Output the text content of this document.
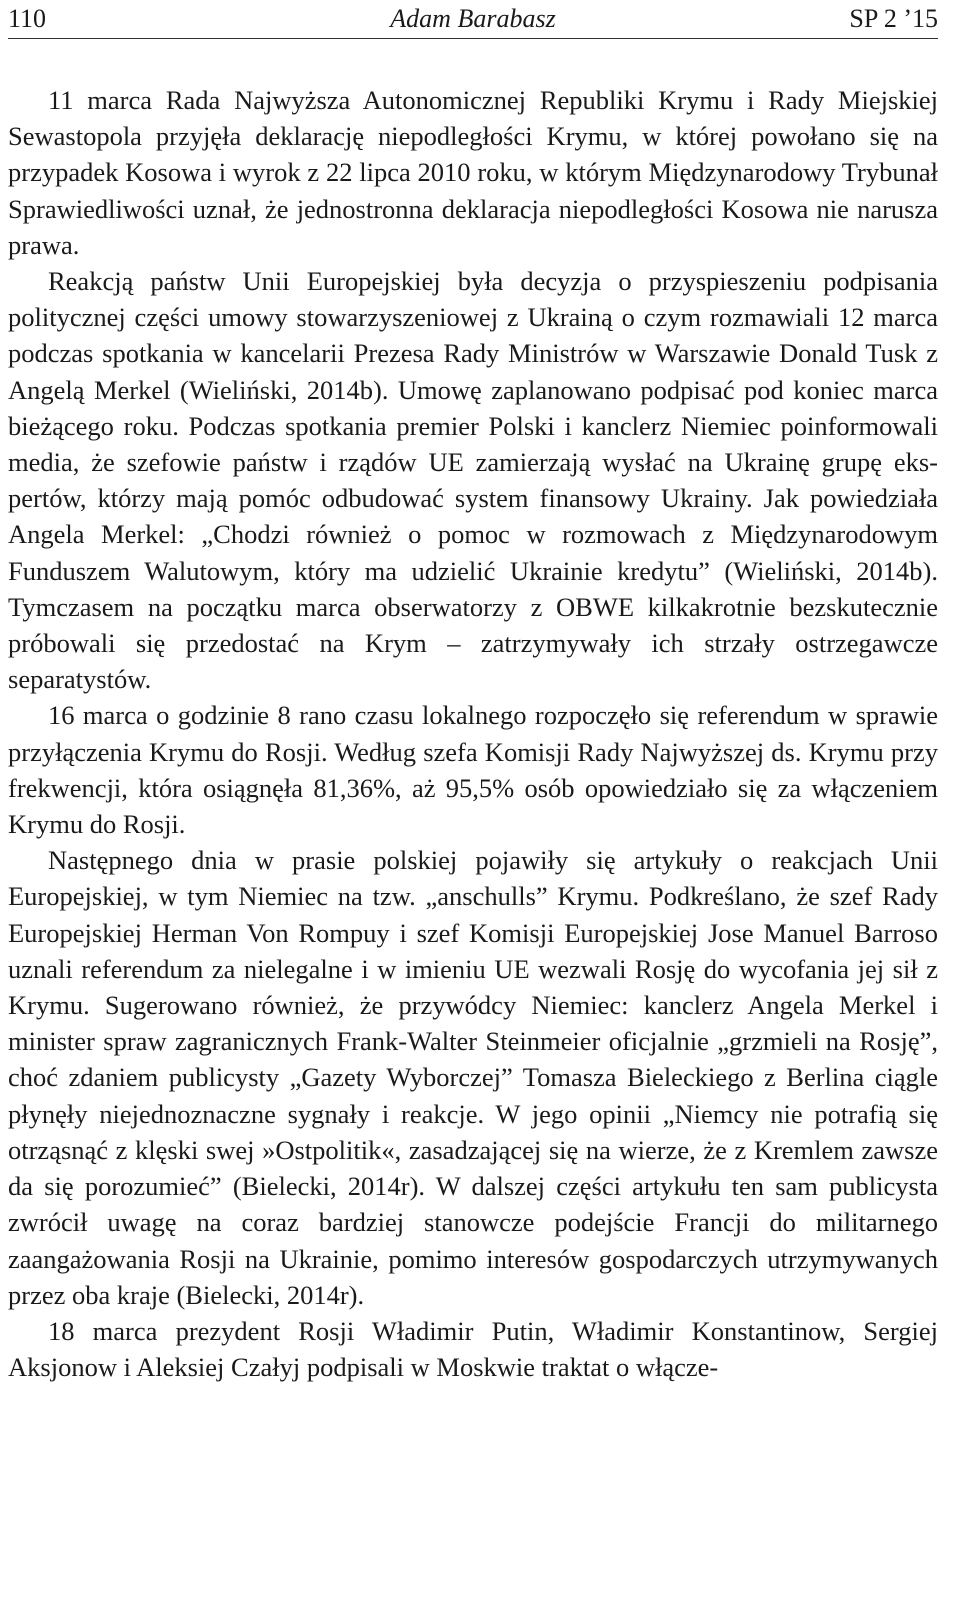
110	Adam Barabasz	SP 2 ’15

11 marca Rada Najwyższa Autonomicznej Republiki Krymu i Rady Miejskiej Sewastopola przyjęła deklarację niepodległości Krymu, w której powołano się na przypadek Kosowa i wyrok z 22 lipca 2010 roku, w którym Międzynarodowy Trybunał Sprawiedliwości uznał, że jednostronna deklaracja niepodległości Kosowa nie narusza prawa.

Reakcją państw Unii Europejskiej była decyzja o przyspieszeniu podpisania politycznej części umowy stowarzyszeniowej z Ukrainą o czym rozmawiali 12 marca podczas spotkania w kancelarii Prezesa Rady Ministrów w Warszawie Donald Tusk z Angelą Merkel (Wieliński, 2014b). Umowę zaplanowano podpisać pod koniec marca bieżącego roku. Podczas spotkania premier Polski i kanclerz Niemiec poinformowali media, że szefowie państw i rządów UE zamierzają wysłać na Ukrainę grupę ekspertów, którzy mają pomóc odbudować system finansowy Ukrainy. Jak powiedziała Angela Merkel: „Chodzi również o pomoc w rozmowach z Międzynarodowym Funduszem Walutowym, który ma udzielić Ukrainie kredytu” (Wieliński, 2014b). Tymczasem na początku marca obserwatorzy z OBWE kilkakrotnie bezskutecznie próbowali się przedostać na Krym – zatrzymywały ich strzały ostrzegawcze separatystów.

16 marca o godzinie 8 rano czasu lokalnego rozpoczęło się referendum w sprawie przyłączenia Krymu do Rosji. Według szefa Komisji Rady Najwyższej ds. Krymu przy frekwencji, która osiągnęła 81,36%, aż 95,5% osób opowiedziało się za włączeniem Krymu do Rosji.

Następnego dnia w prasie polskiej pojawiły się artykuły o reakcjach Unii Europejskiej, w tym Niemiec na tzw. „anschulls” Krymu. Podkreślano, że szef Rady Europejskiej Herman Von Rompuy i szef Komisji Europejskiej Jose Manuel Barroso uznali referendum za nielegalne i w imieniu UE wezwali Rosję do wycofania jej sił z Krymu. Sugerowano również, że przywódcy Niemiec: kanclerz Angela Merkel i minister spraw zagranicznych Frank-Walter Steinmeier oficjalnie „grzmieli na Rosję”, choć zdaniem publicysty „Gazety Wyborczej” Tomasza Bieleckiego z Berlina ciągle płynęły niejednoznaczne sygnały i reakcje. W jego opinii „Niemcy nie potrafią się otrząsnąć z klęski swej »Ostpolitik«, zasadzającej się na wierze, że z Kremlem zawsze da się porozumieć” (Bielecki, 2014r). W dalszej części artykułu ten sam publicysta zwrócił uwagę na coraz bardziej stanowcze podejście Francji do militarnego zaangażowania Rosji na Ukrainie, pomimo interesów gospodarczych utrzymywanych przez oba kraje (Bielecki, 2014r).

18 marca prezydent Rosji Władimir Putin, Władimir Konstantinow, Sergiej Aksjonow i Aleksiej Czałyj podpisali w Moskwie traktat o włącze-
